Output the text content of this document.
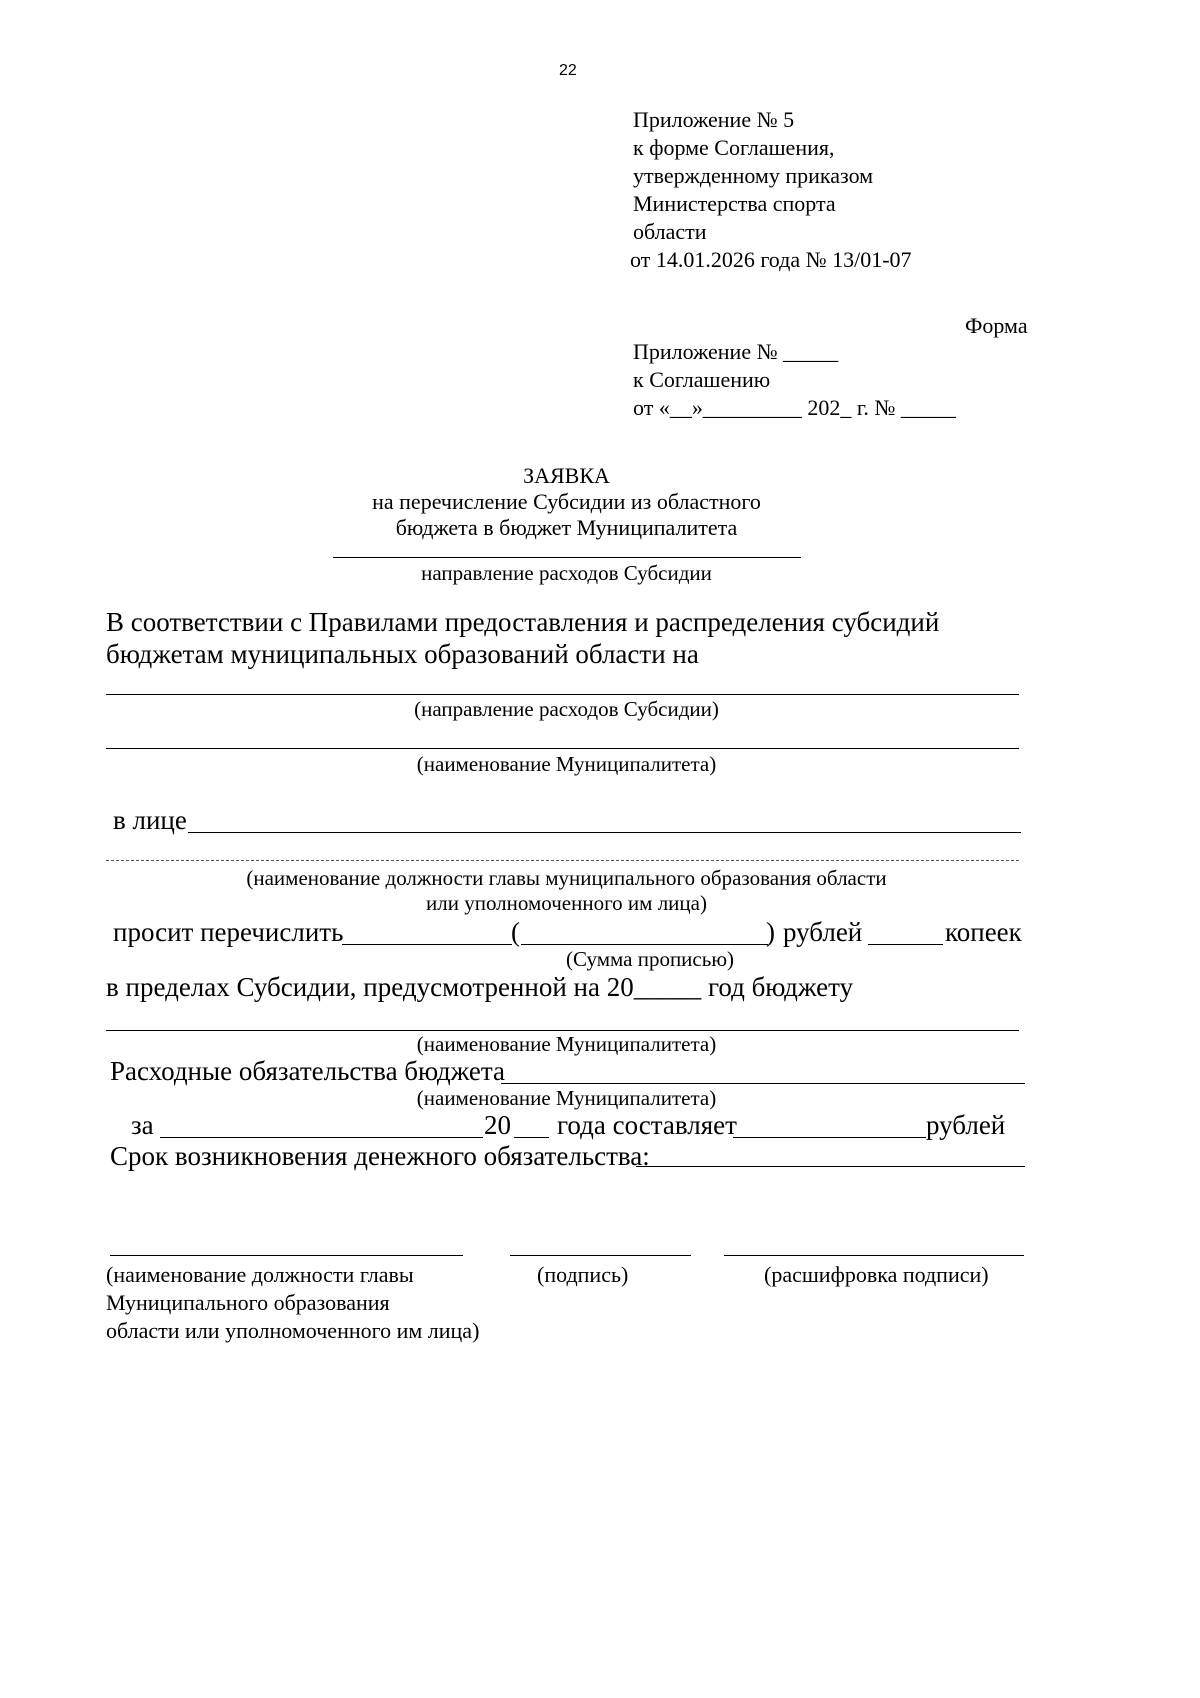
22
Приложение № 5
к форме Соглашения,
утвержденному приказом
Министерства спорта
области
от 14.01.2026 года № 13/01-07
Форма
Приложение № _____
к Соглашению
от «__»_________ 202_ г. № _____
ЗАЯВКА
на перечисление Субсидии из областного
бюджета в бюджет Муниципалитета
направление расходов Субсидии
В соответствии с Правилами предоставления и распределения субсидий
бюджетам муниципальных образований области на
(направление расходов Субсидии)
(наименование Муниципалитета)
в лице
(наименование должности главы муниципального образования области
или уполномоченного им лица)
просит перечислить	(	) рублей	копеек
(Сумма прописью)
в пределах Субсидии, предусмотренной на 20_____ год бюджету
(наименование Муниципалитета)
Расходные обязательства бюджета
(наименование Муниципалитета)
за	20 года составляет	рублей
Срок возникновения денежного обязательства:
(наименование должности главы
Муниципального образования
области или уполномоченного им лица)
(подпись)	(расшифровка подписи)
